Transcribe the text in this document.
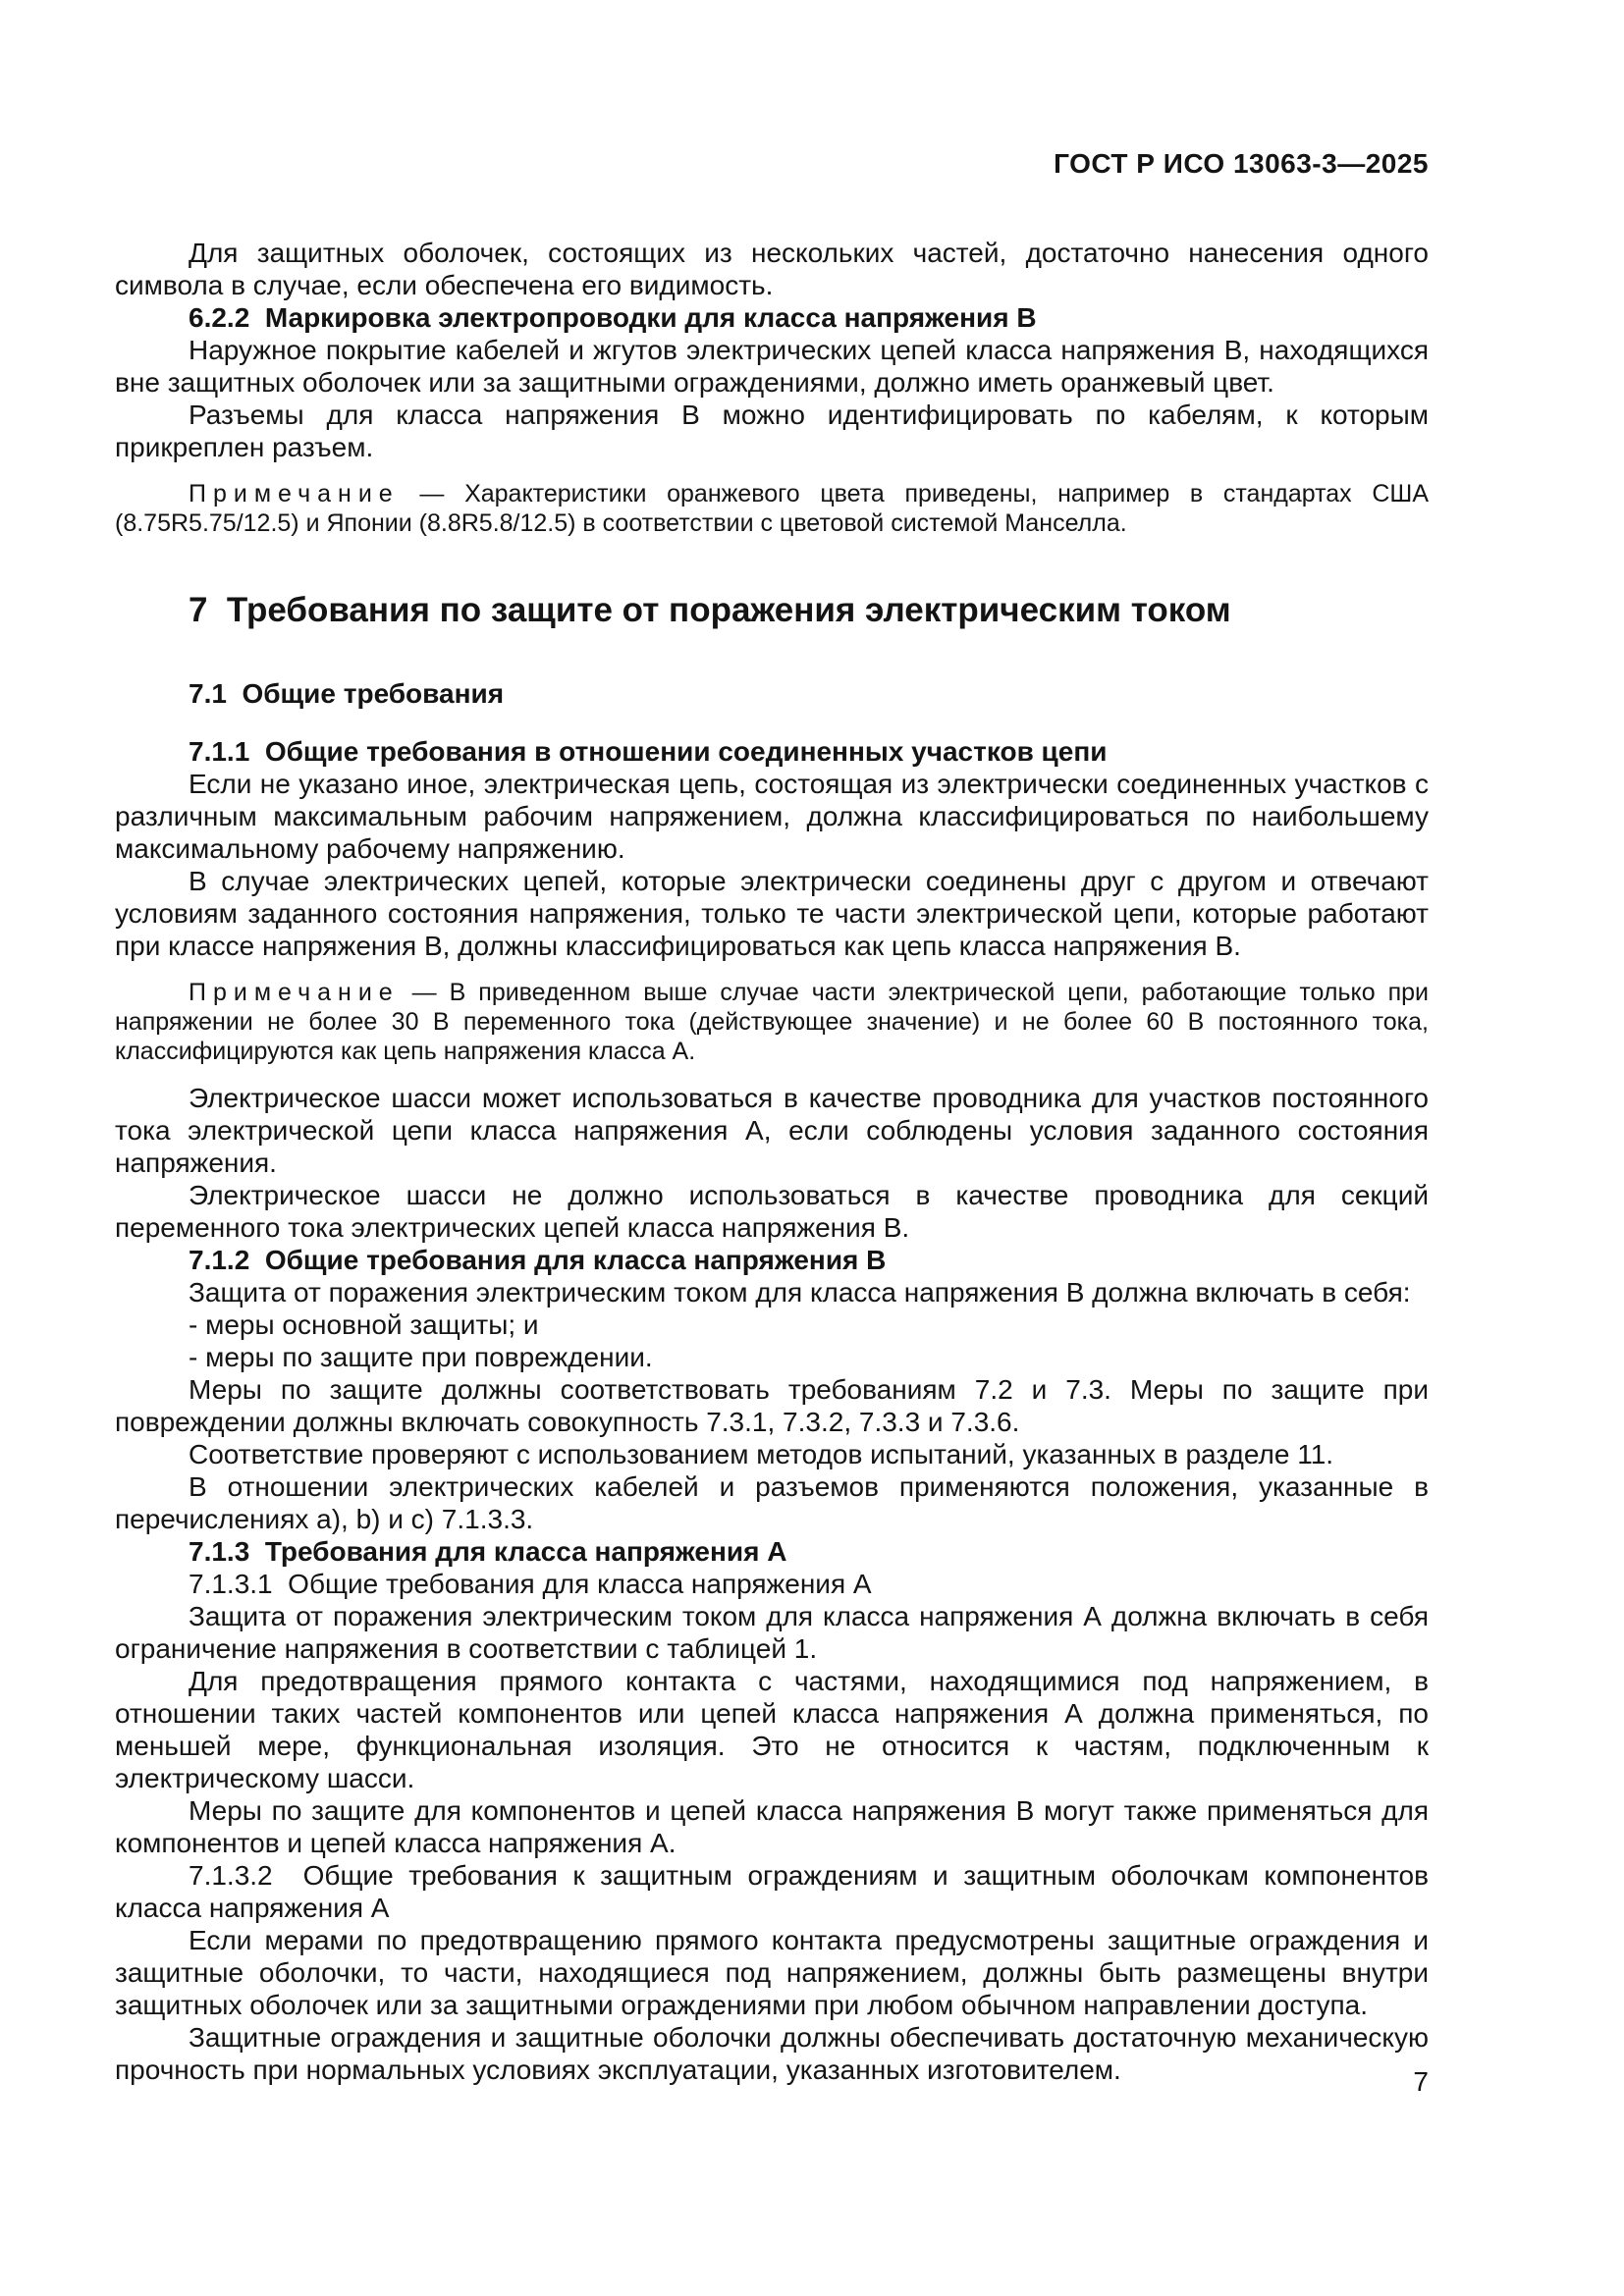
ГОСТ Р ИСО 13063-3—2025
Для защитных оболочек, состоящих из нескольких частей, достаточно нанесения одного символа в случае, если обеспечена его видимость.
6.2.2  Маркировка электропроводки для класса напряжения B
Наружное покрытие кабелей и жгутов электрических цепей класса напряжения B, находящихся вне защитных оболочек или за защитными ограждениями, должно иметь оранжевый цвет.
Разъемы для класса напряжения B можно идентифицировать по кабелям, к которым прикреплен разъем.
Примечание — Характеристики оранжевого цвета приведены, например в стандартах США (8.75R5.75/12.5) и Японии (8.8R5.8/12.5) в соответствии с цветовой системой Манселла.
7  Требования по защите от поражения электрическим током
7.1  Общие требования
7.1.1  Общие требования в отношении соединенных участков цепи
Если не указано иное, электрическая цепь, состоящая из электрически соединенных участков с различным максимальным рабочим напряжением, должна классифицироваться по наибольшему максимальному рабочему напряжению.
В случае электрических цепей, которые электрически соединены друг с другом и отвечают условиям заданного состояния напряжения, только те части электрической цепи, которые работают при классе напряжения B, должны классифицироваться как цепь класса напряжения B.
Примечание — В приведенном выше случае части электрической цепи, работающие только при напряжении не более 30 В переменного тока (действующее значение) и не более 60 В постоянного тока, классифицируются как цепь напряжения класса А.
Электрическое шасси может использоваться в качестве проводника для участков постоянного тока электрической цепи класса напряжения А, если соблюдены условия заданного состояния напряжения.
Электрическое шасси не должно использоваться в качестве проводника для секций переменного тока электрических цепей класса напряжения B.
7.1.2  Общие требования для класса напряжения B
Защита от поражения электрическим током для класса напряжения B должна включать в себя:
- меры основной защиты; и
- меры по защите при повреждении.
Меры по защите должны соответствовать требованиям 7.2 и 7.3. Меры по защите при повреждении должны включать совокупность 7.3.1, 7.3.2, 7.3.3 и 7.3.6.
Соответствие проверяют с использованием методов испытаний, указанных в разделе 11.
В отношении электрических кабелей и разъемов применяются положения, указанные в перечислениях a), b) и c) 7.1.3.3.
7.1.3  Требования для класса напряжения А
7.1.3.1  Общие требования для класса напряжения А
Защита от поражения электрическим током для класса напряжения А должна включать в себя ограничение напряжения в соответствии с таблицей 1.
Для предотвращения прямого контакта с частями, находящимися под напряжением, в отношении таких частей компонентов или цепей класса напряжения А должна применяться, по меньшей мере, функциональная изоляция. Это не относится к частям, подключенным к электрическому шасси.
Меры по защите для компонентов и цепей класса напряжения B могут также применяться для компонентов и цепей класса напряжения А.
7.1.3.2  Общие требования к защитным ограждениям и защитным оболочкам компонентов класса напряжения А
Если мерами по предотвращению прямого контакта предусмотрены защитные ограждения и защитные оболочки, то части, находящиеся под напряжением, должны быть размещены внутри защитных оболочек или за защитными ограждениями при любом обычном направлении доступа.
Защитные ограждения и защитные оболочки должны обеспечивать достаточную механическую прочность при нормальных условиях эксплуатации, указанных изготовителем.	7
